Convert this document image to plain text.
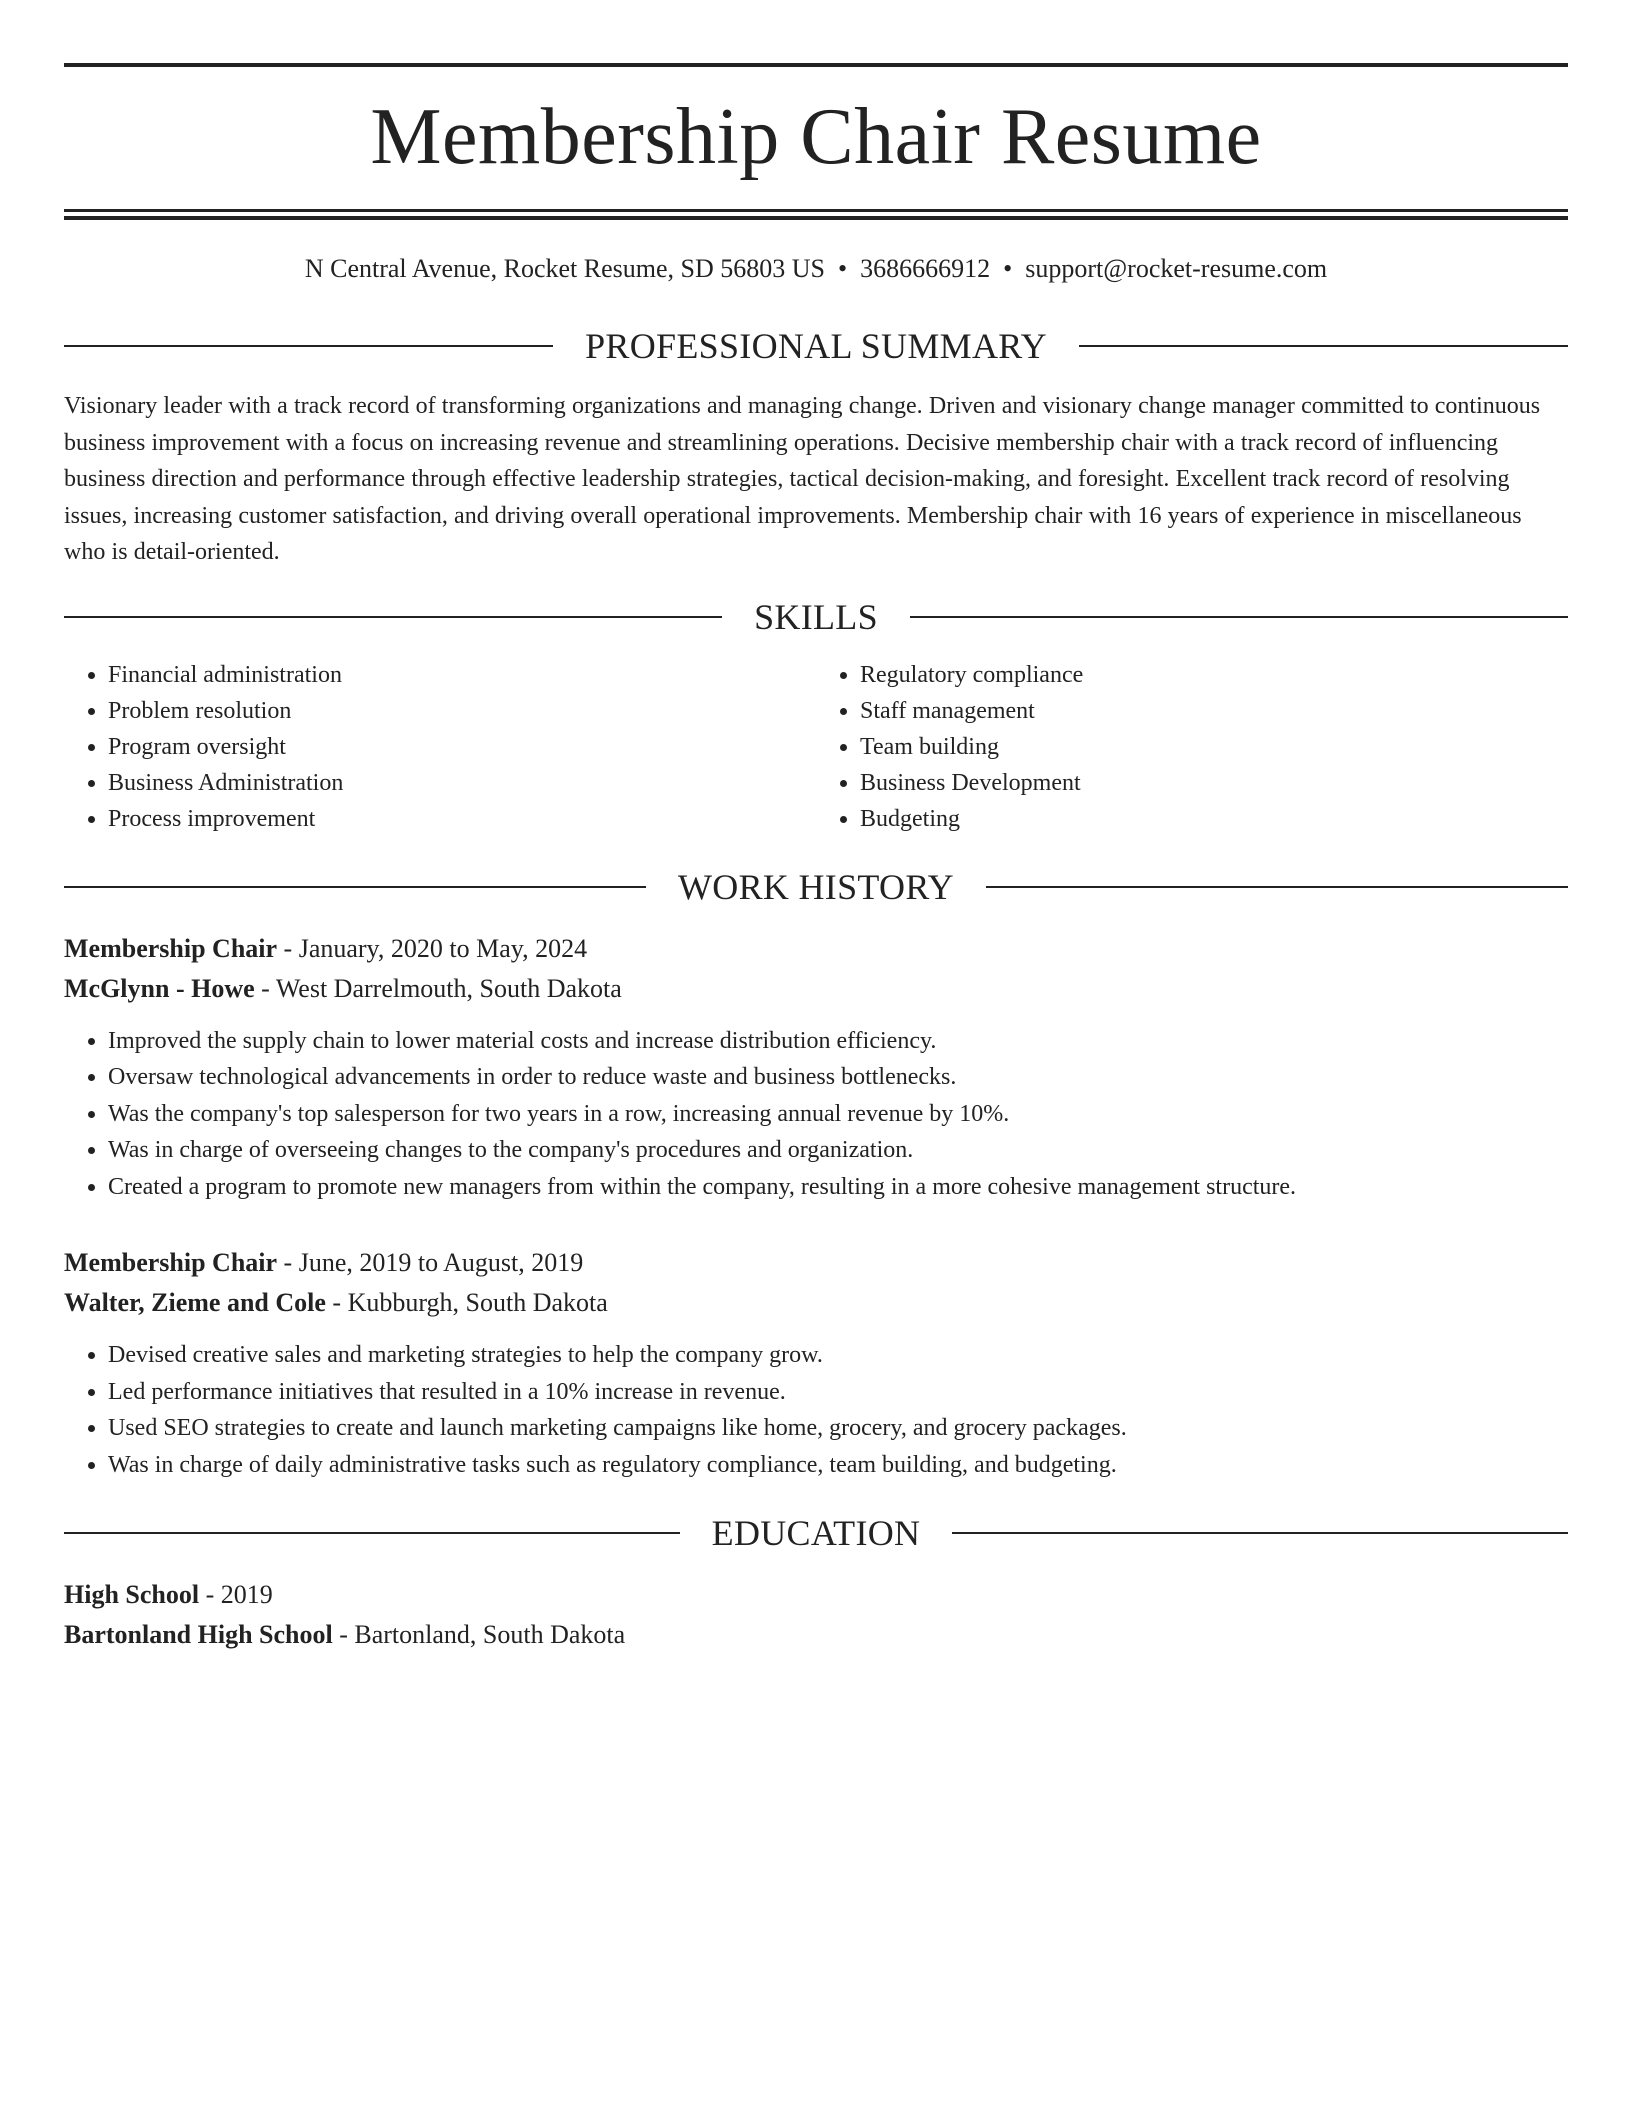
Membership Chair Resume
N Central Avenue, Rocket Resume, SD 56803 US • 3686666912 • support@rocket-resume.com
PROFESSIONAL SUMMARY
Visionary leader with a track record of transforming organizations and managing change. Driven and visionary change manager committed to continuous business improvement with a focus on increasing revenue and streamlining operations. Decisive membership chair with a track record of influencing business direction and performance through effective leadership strategies, tactical decision-making, and foresight. Excellent track record of resolving issues, increasing customer satisfaction, and driving overall operational improvements. Membership chair with 16 years of experience in miscellaneous who is detail-oriented.
SKILLS
• Financial administration
• Problem resolution
• Program oversight
• Business Administration
• Process improvement
• Regulatory compliance
• Staff management
• Team building
• Business Development
• Budgeting
WORK HISTORY
Membership Chair - January, 2020 to May, 2024
McGlynn - Howe - West Darrelmouth, South Dakota
• Improved the supply chain to lower material costs and increase distribution efficiency.
• Oversaw technological advancements in order to reduce waste and business bottlenecks.
• Was the company's top salesperson for two years in a row, increasing annual revenue by 10%.
• Was in charge of overseeing changes to the company's procedures and organization.
• Created a program to promote new managers from within the company, resulting in a more cohesive management structure.
Membership Chair - June, 2019 to August, 2019
Walter, Zieme and Cole - Kubburgh, South Dakota
• Devised creative sales and marketing strategies to help the company grow.
• Led performance initiatives that resulted in a 10% increase in revenue.
• Used SEO strategies to create and launch marketing campaigns like home, grocery, and grocery packages.
• Was in charge of daily administrative tasks such as regulatory compliance, team building, and budgeting.
EDUCATION
High School - 2019
Bartonland High School - Bartonland, South Dakota
